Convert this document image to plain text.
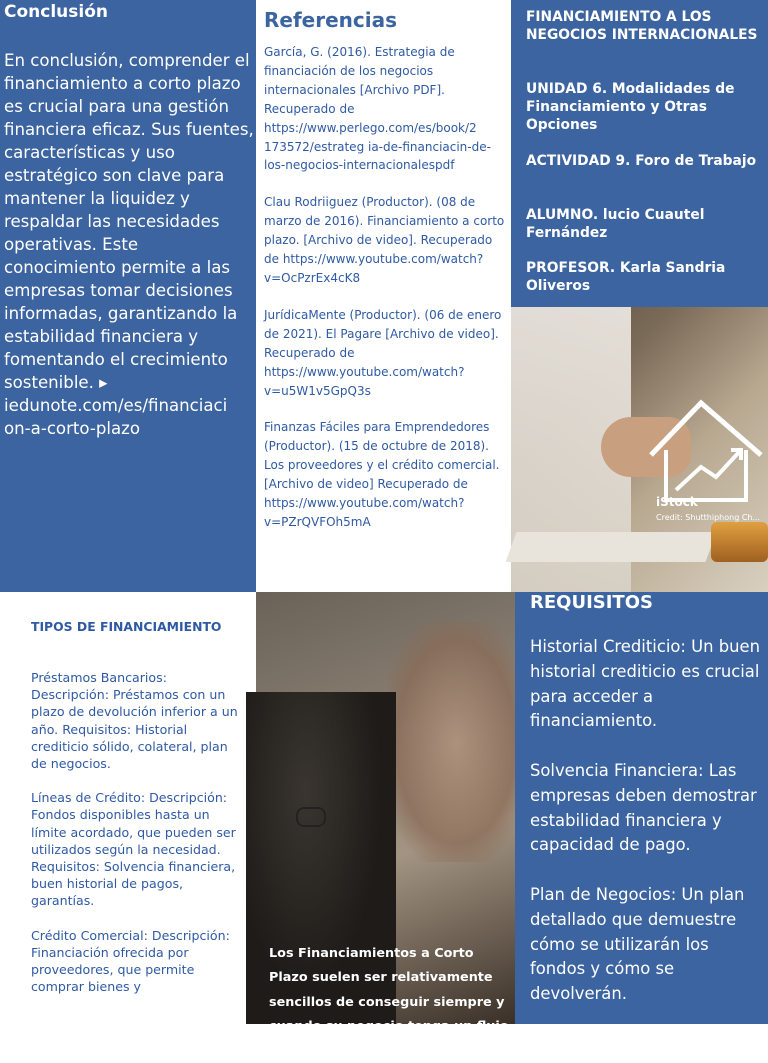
Conclusión

En conclusión, comprender el financiamiento a corto plazo es crucial para una gestión financiera eficaz. Sus fuentes, características y uso estratégico son clave para mantener la liquidez y respaldar las necesidades operativas. Este conocimiento permite a las empresas tomar decisiones informadas, garantizando la estabilidad financiera y fomentando el crecimiento sostenible. ▸ iedunote.com/es/financiaci on-a-corto-plazo

Referencias

García, G. (2016). Estrategia de financiación de los negocios internacionales [Archivo PDF]. Recuperado de https://www.perlego.com/es/book/2 173572/estrateg ia-de-financiacin-de-los-negocios-internacionalespdf

Clau Rodriiguez (Productor). (08 de marzo de 2016). Financiamiento a corto plazo. [Archivo de video]. Recuperado de https://www.youtube.com/watch?v=OcPzrEx4cK8

JurídicaMente (Productor). (06 de enero de 2021). El Pagare [Archivo de video]. Recuperado de https://www.youtube.com/watch?v=u5W1v5GpQ3s

Finanzas Fáciles para Emprendedores (Productor). (15 de octubre de 2018). Los proveedores y el crédito comercial. [Archivo de video] Recuperado de https://www.youtube.com/watch?v=PZrQVFOh5mA

FINANCIAMIENTO A LOS NEGOCIOS INTERNACIONALES
UNIDAD 6. Modalidades de Financiamiento y Otras Opciones
ACTIVIDAD 9. Foro de Trabajo
ALUMNO. lucio Cuautel Fernández
PROFESOR. Karla Sandria Oliveros
iStock
Credit: Shutthiphong Ch...
TIPOS DE FINANCIAMIENTO

Préstamos Bancarios: Descripción: Préstamos con un plazo de devolución inferior a un año. Requisitos: Historial crediticio sólido, colateral, plan de negocios.

Líneas de Crédito: Descripción: Fondos disponibles hasta un límite acordado, que pueden ser utilizados según la necesidad. Requisitos: Solvencia financiera, buen historial de pagos, garantías.

Crédito Comercial: Descripción: Financiación ofrecida por proveedores, que permite comprar bienes y

Los Financiamientos a Corto Plazo suelen ser relativamente sencillos de conseguir siempre y cuando su negocio tenga un flujo de caja

REQUISITOS

Historial Crediticio: Un buen historial crediticio es crucial para acceder a financiamiento.

Solvencia Financiera: Las empresas deben demostrar estabilidad financiera y capacidad de pago.

Plan de Negocios: Un plan detallado que demuestre cómo se utilizarán los fondos y cómo se devolverán.
